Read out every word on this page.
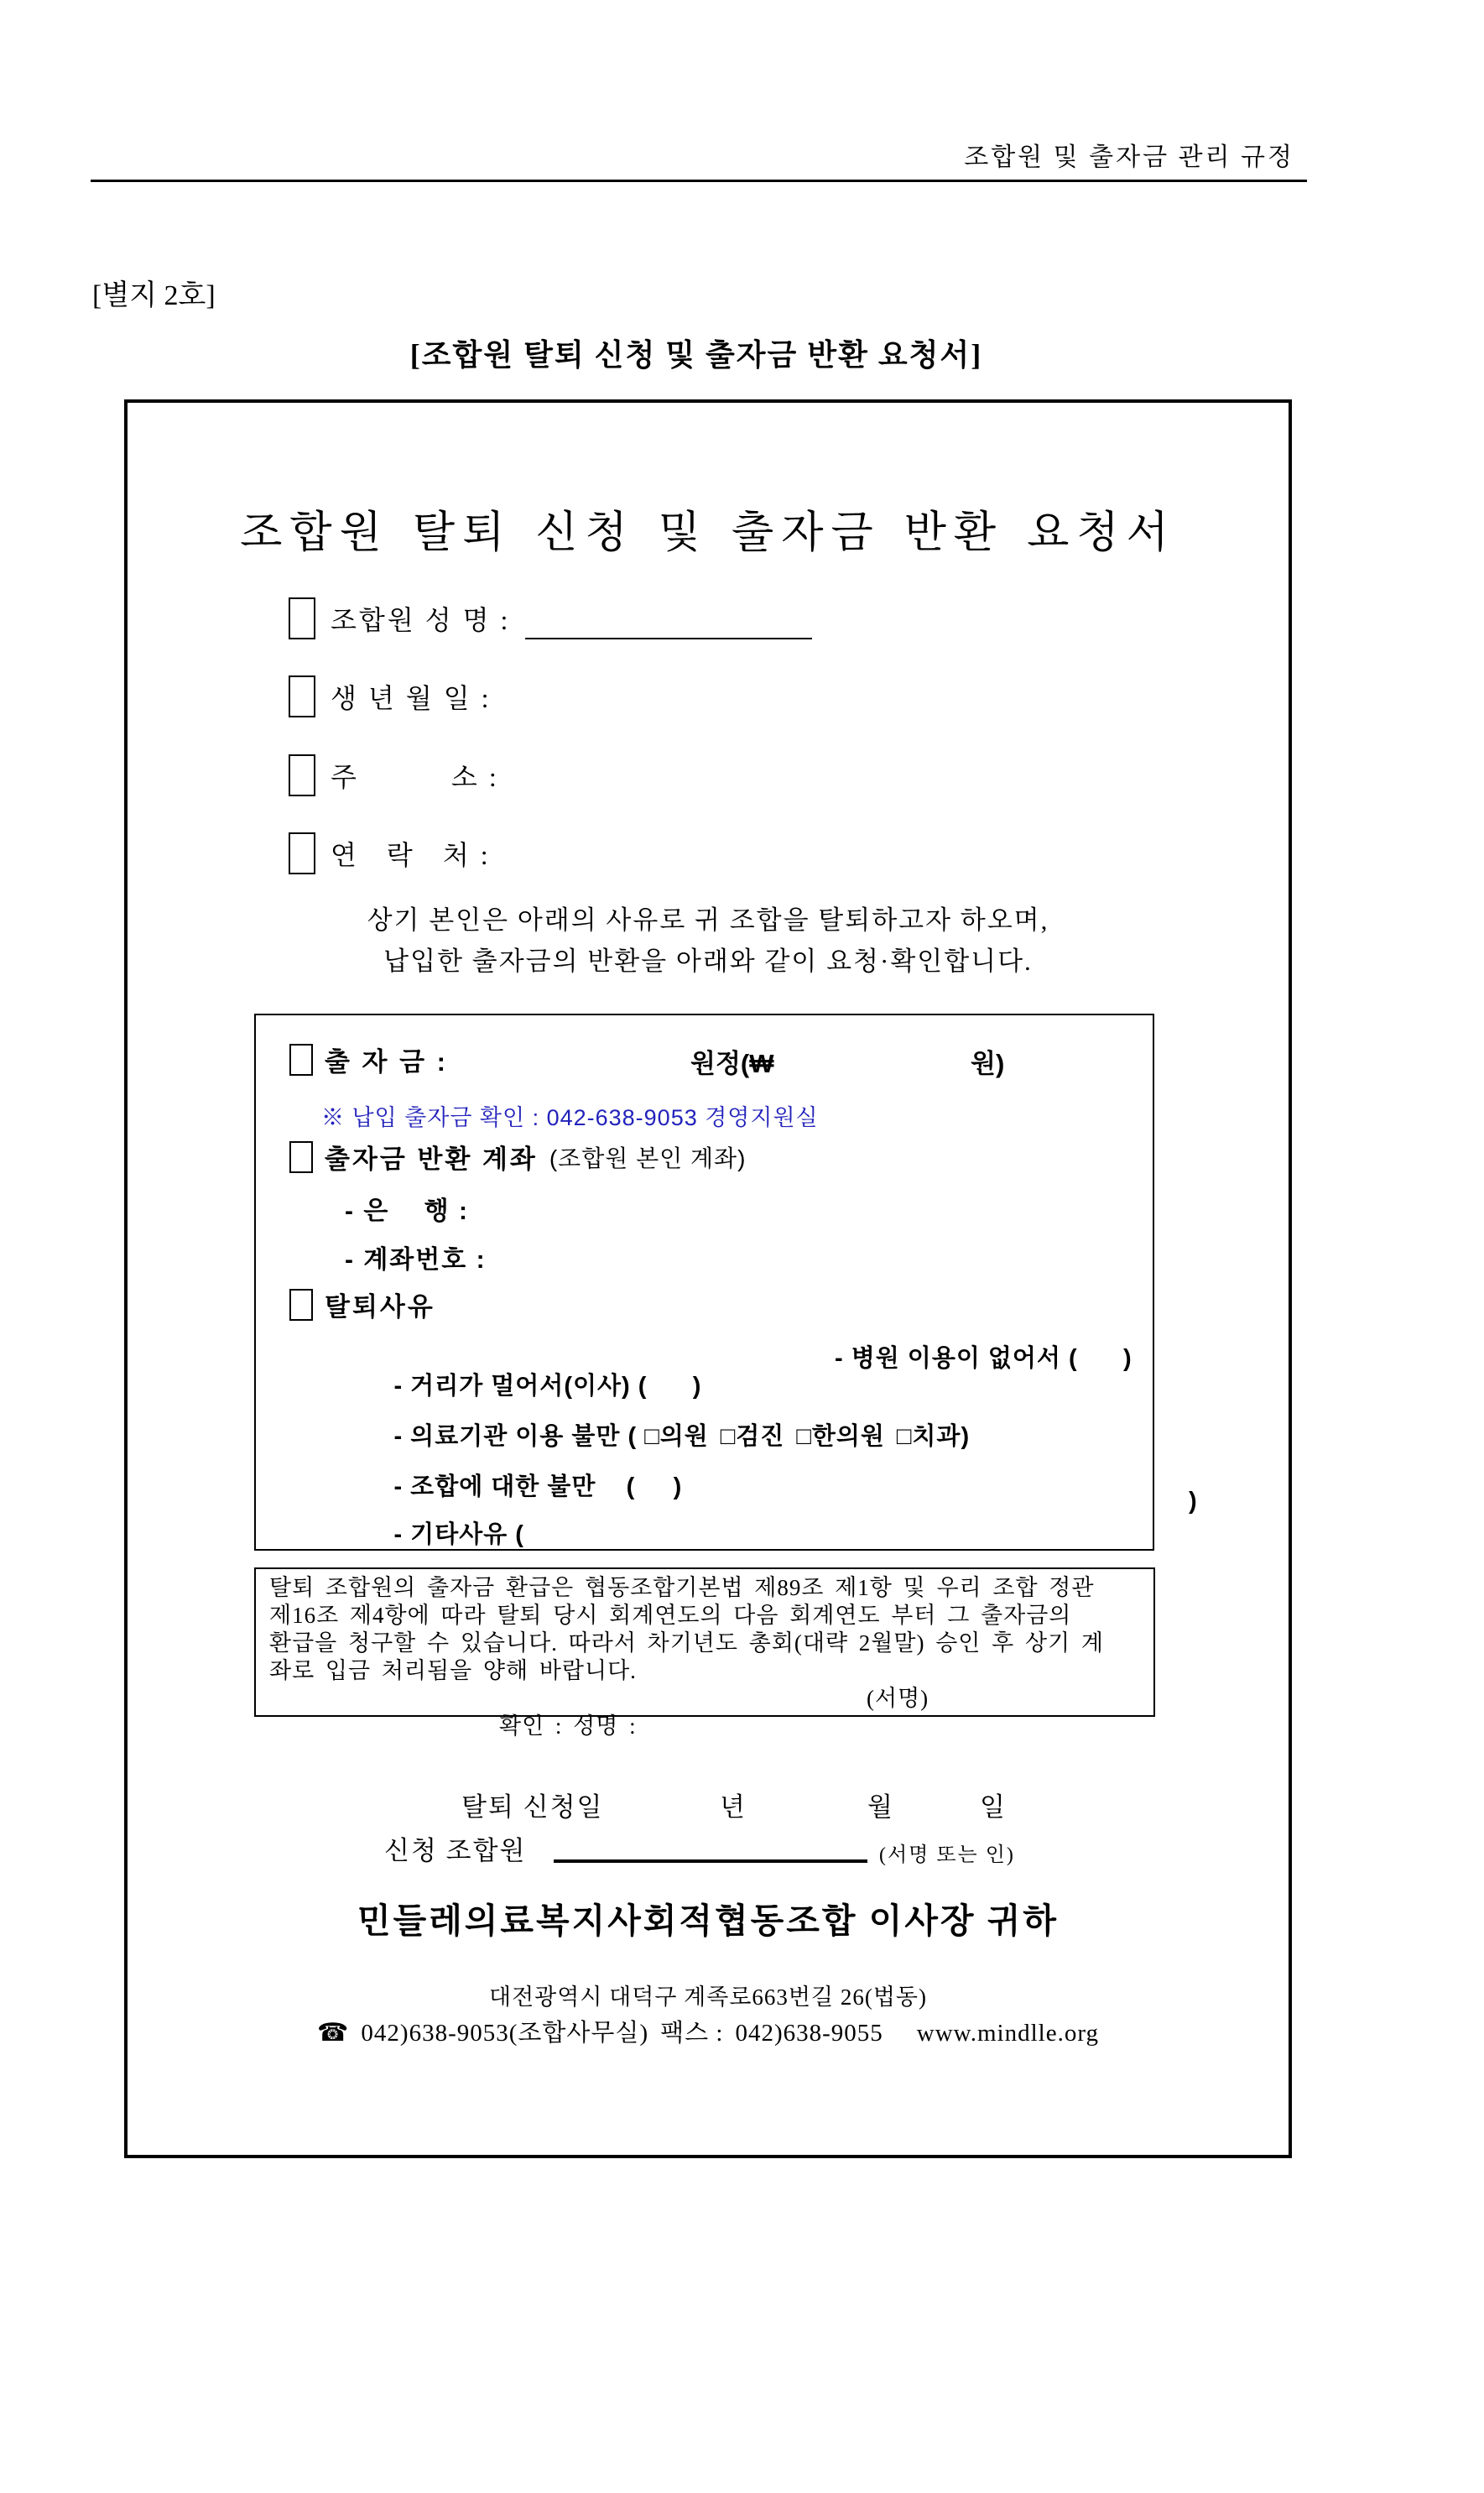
조합원 및 출자금 관리 규정
[별지 2호]
[조합원 탈퇴 신청 및 출자금 반환 요청서]
조합원 탈퇴 신청 및 출자금 반환 요청서
조합원 성 명 :
생 년 월 일 :
주          소 :
연   락   처 :
상기 본인은 아래의 사유로 귀 조합을 탈퇴하고자 하오며,
납입한 출자금의 반환을 아래와 같이 요청·확인합니다.
출 자 금 :	원정(₩	원)
※ 납입 출자금 확인 : 042-638-9053 경영지원실
출자금 반환 계좌 (조합원 본인 계좌)
- 은    행 :
- 계좌번호 :
탈퇴사유

- 거리가 멀어서(이사) (      )

- 병원 이용이 없어서 (      )

- 의료기관 이용 불만 ( □ 의원 □ 검진 □ 한의원 □ 치과 )

- 조합에 대한 불만    (     )

- 기타사유 (

)

탈퇴 조합원의 출자금 환급은 협동조합기본법 제89조 제1항 및 우리 조합 정관
제16조 제4항에 따라 탈퇴 당시 회계연도의 다음 회계연도 부터 그 출자금의
환급을 청구할 수 있습니다. 따라서 차기년도 총회(대략 2월말) 승인 후 상기 계
좌로 입금 처리됨을 양해 바랍니다.

확인 : 성명 :

(서명)

탈퇴 신청일	년	월	일
신청 조합원	(서명 또는 인)
민들레의료복지사회적협동조합 이사장 귀하
대전광역시 대덕구 계족로663번길 26(법동)
☎ 042)638-9053(조합사무실) 팩스 : 042)638-9055 www.mindlle.org
